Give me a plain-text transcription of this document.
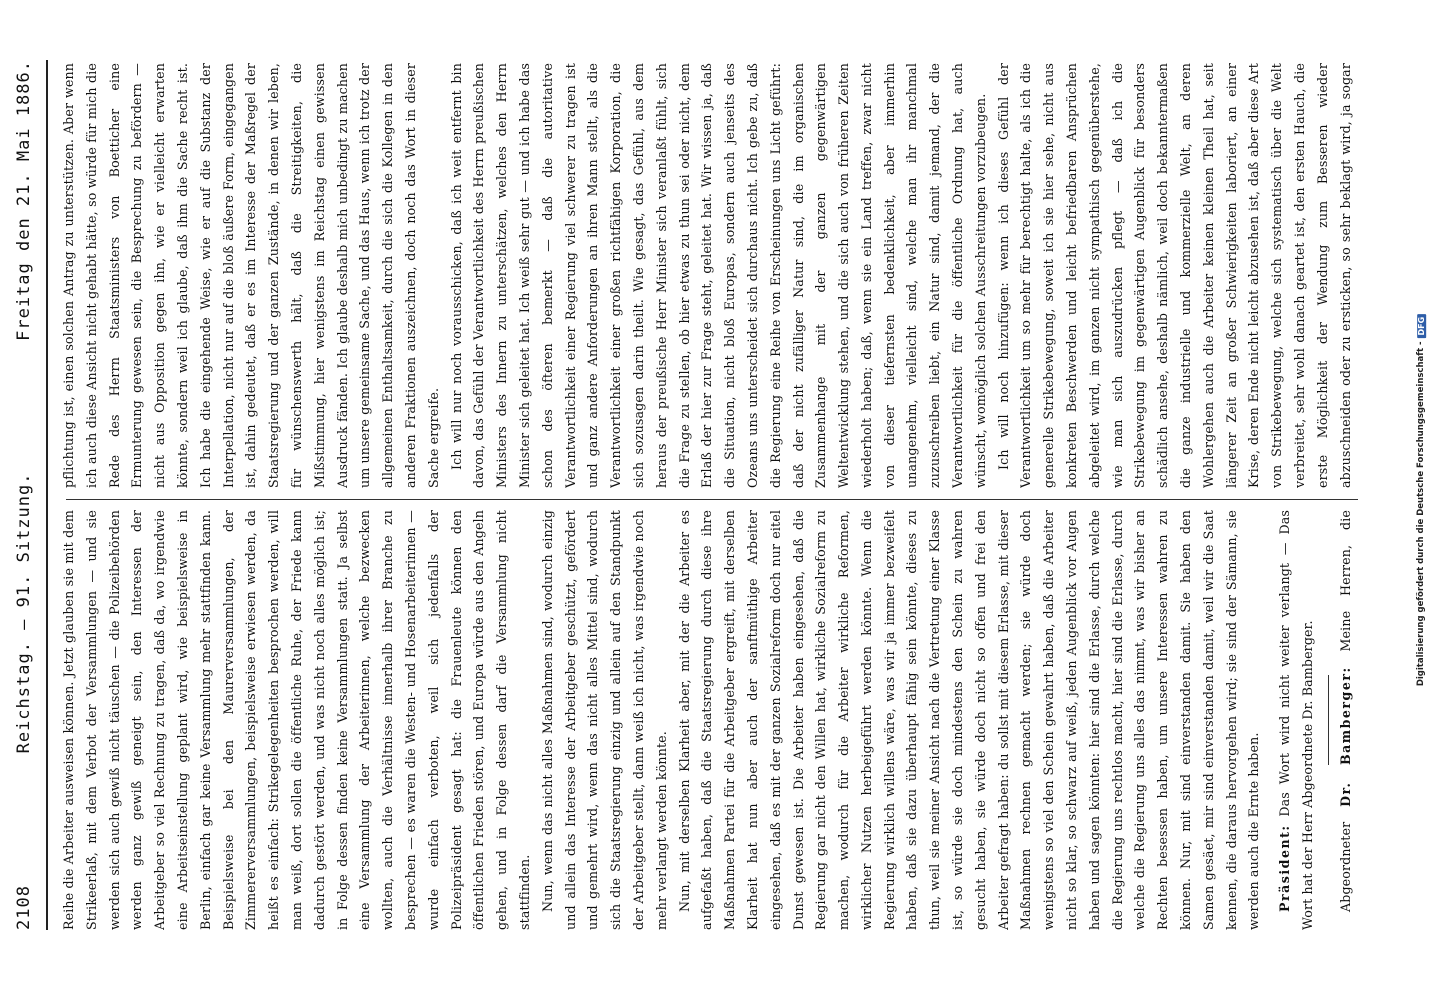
2108
Reichstag. — 91. Sitzung.
Freitag den 21. Mai 1886.

Reihe die Arbeiter ausweisen können. Jetzt glauben sie mit dem Strikeerlaß, mit dem Verbot der Versammlungen — und sie werden sich auch gewiß nicht täuschen — die Polizeibehörden werden ganz gewiß geneigt sein, den Interessen der Arbeitgeber so viel Rechnung zu tragen, daß da, wo irgendwie eine Arbeitseinstellung geplant wird, wie beispielsweise in Berlin, einfach gar keine Versammlung mehr stattfinden kann. Beispielsweise bei den Maurerversammlungen, der Zimmererversammlungen, beispielsweise erwiesen werden, da heißt es einfach: Strikegelegenheiten besprochen werden, will man weiß, dort sollen die öffentliche Ruhe, der Friede kann dadurch gestört werden, und was nicht noch alles möglich ist; in Folge dessen finden keine Versammlungen statt. Ja selbst eine Versammlung der Arbeiterinnen, welche bezwecken wollten, auch die Verhältnisse innerhalb ihrer Branche zu besprechen — es waren die Westen- und Hosenarbeiterinnen — wurde einfach verboten, weil sich jedenfalls der Polizeipräsident gesagt hat: die Frauenleute können den öffentlichen Frieden stören, und Europa würde aus den Angeln gehen, und in Folge dessen darf die Versammlung nicht stattfinden. Nun, wenn das nicht alles Maßnahmen sind, wodurch einzig und allein das Interesse der Arbeitgeber geschützt, gefördert und gemehrt wird, wenn das nicht alles Mittel sind, wodurch sich die Staatsregierung einzig und allein auf den Standpunkt der Arbeitgeber stellt, dann weiß ich nicht, was irgendwie noch mehr verlangt werden könnte. Nun, mit derselben Klarheit aber, mit der die Arbeiter es aufgefaßt haben, daß die Staatsregierung durch diese ihre Maßnahmen Partei für die Arbeitgeber ergreift, mit derselben Klarheit hat nun aber auch der sanftmüthige Arbeiter eingesehen, daß es mit der ganzen Sozialreform doch nur eitel Dunst gewesen ist. Die Arbeiter haben eingesehen, daß die Regierung gar nicht den Willen hat, wirkliche Sozialreform zu machen, wodurch für die Arbeiter wirkliche Reformen, wirklicher Nutzen herbeigeführt werden könnte. Wenn die Regierung wirklich willens wäre, was wir ja immer bezweifelt haben, daß sie dazu überhaupt fähig sein könnte, dieses zu thun, weil sie meiner Ansicht nach die Vertretung einer Klasse ist, so würde sie doch mindestens den Schein zu wahren gesucht haben, sie würde doch nicht so offen und frei den Arbeiter gefragt haben: du sollst mit diesem Erlasse, mit dieser Maßnahmen rechnen gemacht werden; sie würde doch wenigstens so viel den Schein gewahrt haben, daß die Arbeiter nicht so klar, so schwarz auf weiß, jeden Augenblick vor Augen haben und sagen könnten: hier sind die Erlasse, durch welche die Regierung uns rechtlos macht, hier sind die Erlasse, durch welche die Regierung uns alles das nimmt, was wir bisher an Rechten besessen haben, um unsere Interessen wahren zu können. Nur, mit sind einverstanden damit. Sie haben den Samen gesäet, mir sind einverstanden damit, weil wir die Saat kennen, die daraus hervorgehen wird; sie sind der Sämann, sie werden auch die Ernte haben.	Präsident: Das Wort wird nicht weiter verlangt — Das Wort hat der Herr Abgeordnete Dr. Bamberger.	Abgeordneter Dr. Bamberger: Meine Herren, die

pflichtung ist, einen solchen Antrag zu unterstützen. Aber wenn ich auch diese Ansicht nicht gehabt hätte, so würde für mich die Rede des Herrn Staatsministers von Boetticher eine Ermunterung gewesen sein, die Besprechung zu befördern — nicht aus Opposition gegen ihn, wie er vielleicht erwarten könnte, sondern weil ich glaube, daß ihm die Sache recht ist. Ich habe die eingehende Weise, wie er auf die Substanz der Interpellation, nicht nur auf die bloß äußere Form, eingegangen ist, dahin gedeutet, daß er es im Interesse der Maßregel der Staatsregierung und der ganzen Zustände, in denen wir leben, für wünschenswerth hält, daß die Streitigkeiten, die Mißstimmung, hier wenigstens im Reichstag einen gewissen Ausdruck fänden. Ich glaube deshalb mich unbedingt zu machen um unsere gemeinsame Sache, und das Haus, wenn ich trotz der allgemeinen Enthaltsamkeit, durch die sich die Kollegen in den anderen Fraktionen auszeichnen, doch noch das Wort in dieser Sache ergreife. Ich will nur noch vorausschicken, daß ich weit entfernt bin davon, das Gefühl der Verantwortlichkeit des Herrn preußischen Ministers des Innern zu unterschätzen, welches den Herrn Minister sich geleitet hat. Ich weiß sehr gut — und ich habe das schon des öfteren bemerkt — daß die autoritative Verantwortlichkeit einer Regierung viel schwerer zu tragen ist und ganz andere Anforderungen an ihren Mann stellt, als die Verantwortlichkeit einer großen richtfähigen Korporation, die sich sozusagen darin theilt. Wie gesagt, das Gefühl, aus dem heraus der preußische Herr Minister sich veranlaßt fühlt, sich die Frage zu stellen, ob hier etwas zu thun sei oder nicht, dem Erlaß der hier zur Frage steht, geleitet hat. Wir wissen ja, daß die Situation, nicht bloß Europas, sondern auch jenseits des Ozeans uns unterscheidet sich durchaus nicht. Ich gebe zu, daß die Regierung eine Reihe von Erscheinungen uns Licht geführt: daß der nicht zufälliger Natur sind, die im organischen Zusammenhange mit der ganzen gegenwärtigen Weltentwicklung stehen, und die sich auch von früheren Zeiten wiederholt haben; daß, wenn sie ein Land treffen, zwar nicht von dieser tiefernsten bedenklichkeit, aber immerhin unangenehm, vielleicht sind, welche man ihr manchmal zuzuschreiben liebt, ein Natur sind, damit jemand, der die Verantwortlichkeit für die öffentliche Ordnung hat, auch wünscht, womöglich solchen Ausschreitungen vorzubeugen. Ich will noch hinzufügen: wenn ich dieses Gefühl der Verantwortlichkeit um so mehr für berechtigt halte, als ich die generelle Strikebewegung, soweit ich sie hier sehe, nicht aus konkreten Beschwerden und leicht befriedbaren Ansprüchen abgeleitet wird, im ganzen nicht sympathisch gegenüberstehe, wie man sich auszudrücken pflegt — daß ich die Strikebewegung im gegenwärtigen Augenblick für besonders schädlich ansehe, deshalb nämlich, weil doch bekanntermaßen die ganze industrielle und kommerzielle Welt, an deren Wohlergehen auch die Arbeiter keinen kleinen Theil hat, seit längerer Zeit an großer Schwierigkeiten laboriert, an einer Krise, deren Ende nicht leicht abzusehen ist, daß aber diese Art von Strikebewegung, welche sich systematisch über die Welt verbreitet, sehr wohl danach geartet ist, den ersten Hauch, die erste Möglichkeit der Wendung zum Besseren wieder abzuschneiden oder zu ersticken, so sehr beklagt wird, ja sogar

Digitalisierung gefördert durch die Deutsche Forschungsgemeinschaft -
DFG
